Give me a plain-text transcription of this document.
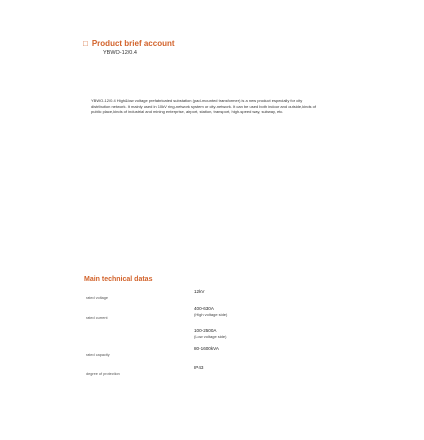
□ Product brief account
YBWO-12/0.4
YBWO-12/0.4 High&low voltage prefabricated substation (pad-mounted transformer) is a new product especially for city distribution network. It mainly used in 10kV ring-network system or city-network. It can be used both indoor and outside,kinds of public place,kinds of industrial and mining enterprise, airport, station, transport, high-speed way, subway, etc.
Main technical datas
rated voltage
12kV
rated current
400-630A
(High voltage side)
100-2500A
(Low voltage side)
rated capacity
80-1600kVA
degree of protection
IP43
